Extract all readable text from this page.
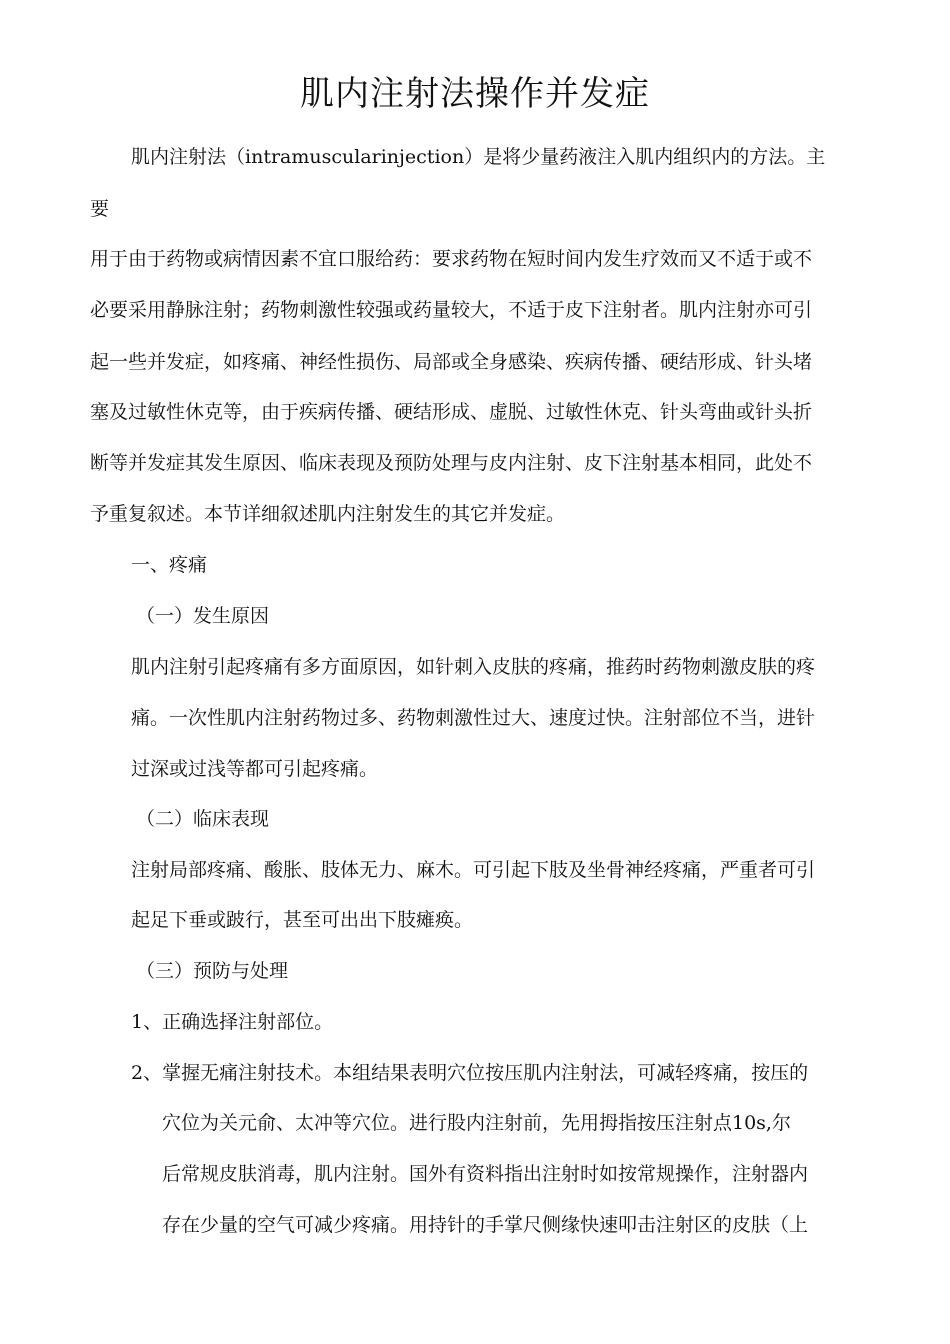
肌内注射法操作并发症

肌内注射法（intramuscularinjection）是将少量药液注入肌内组织内的方法。主

要

用于由于药物或病情因素不宜口服给药：要求药物在短时间内发生疗效而又不适于或不

必要采用静脉注射；药物刺激性较强或药量较大，不适于皮下注射者。肌内注射亦可引

起一些并发症，如疼痛、神经性损伤、局部或全身感染、疾病传播、硬结形成、针头堵

塞及过敏性休克等，由于疾病传播、硬结形成、虚脱、过敏性休克、针头弯曲或针头折

断等并发症其发生原因、临床表现及预防处理与皮内注射、皮下注射基本相同，此处不

予重复叙述。本节详细叙述肌内注射发生的其它并发症。

一、疼痛

（一）发生原因

肌内注射引起疼痛有多方面原因，如针刺入皮肤的疼痛，推药时药物刺激皮肤的疼

痛。一次性肌内注射药物过多、药物刺激性过大、速度过快。注射部位不当，进针

过深或过浅等都可引起疼痛。

（二）临床表现

注射局部疼痛、酸胀、肢体无力、麻木。可引起下肢及坐骨神经疼痛，严重者可引

起足下垂或跛行，甚至可出出下肢瘫痪。

（三）预防与处理

1、正确选择注射部位。

2、掌握无痛注射技术。本组结果表明穴位按压肌内注射法，可减轻疼痛，按压的

穴位为关元俞、太冲等穴位。进行股内注射前，先用拇指按压注射点10s,尔

后常规皮肤消毒，肌内注射。国外有资料指出注射时如按常规操作，注射器内

存在少量的空气可减少疼痛。用持针的手掌尺侧缘快速叩击注射区的皮肤（上
